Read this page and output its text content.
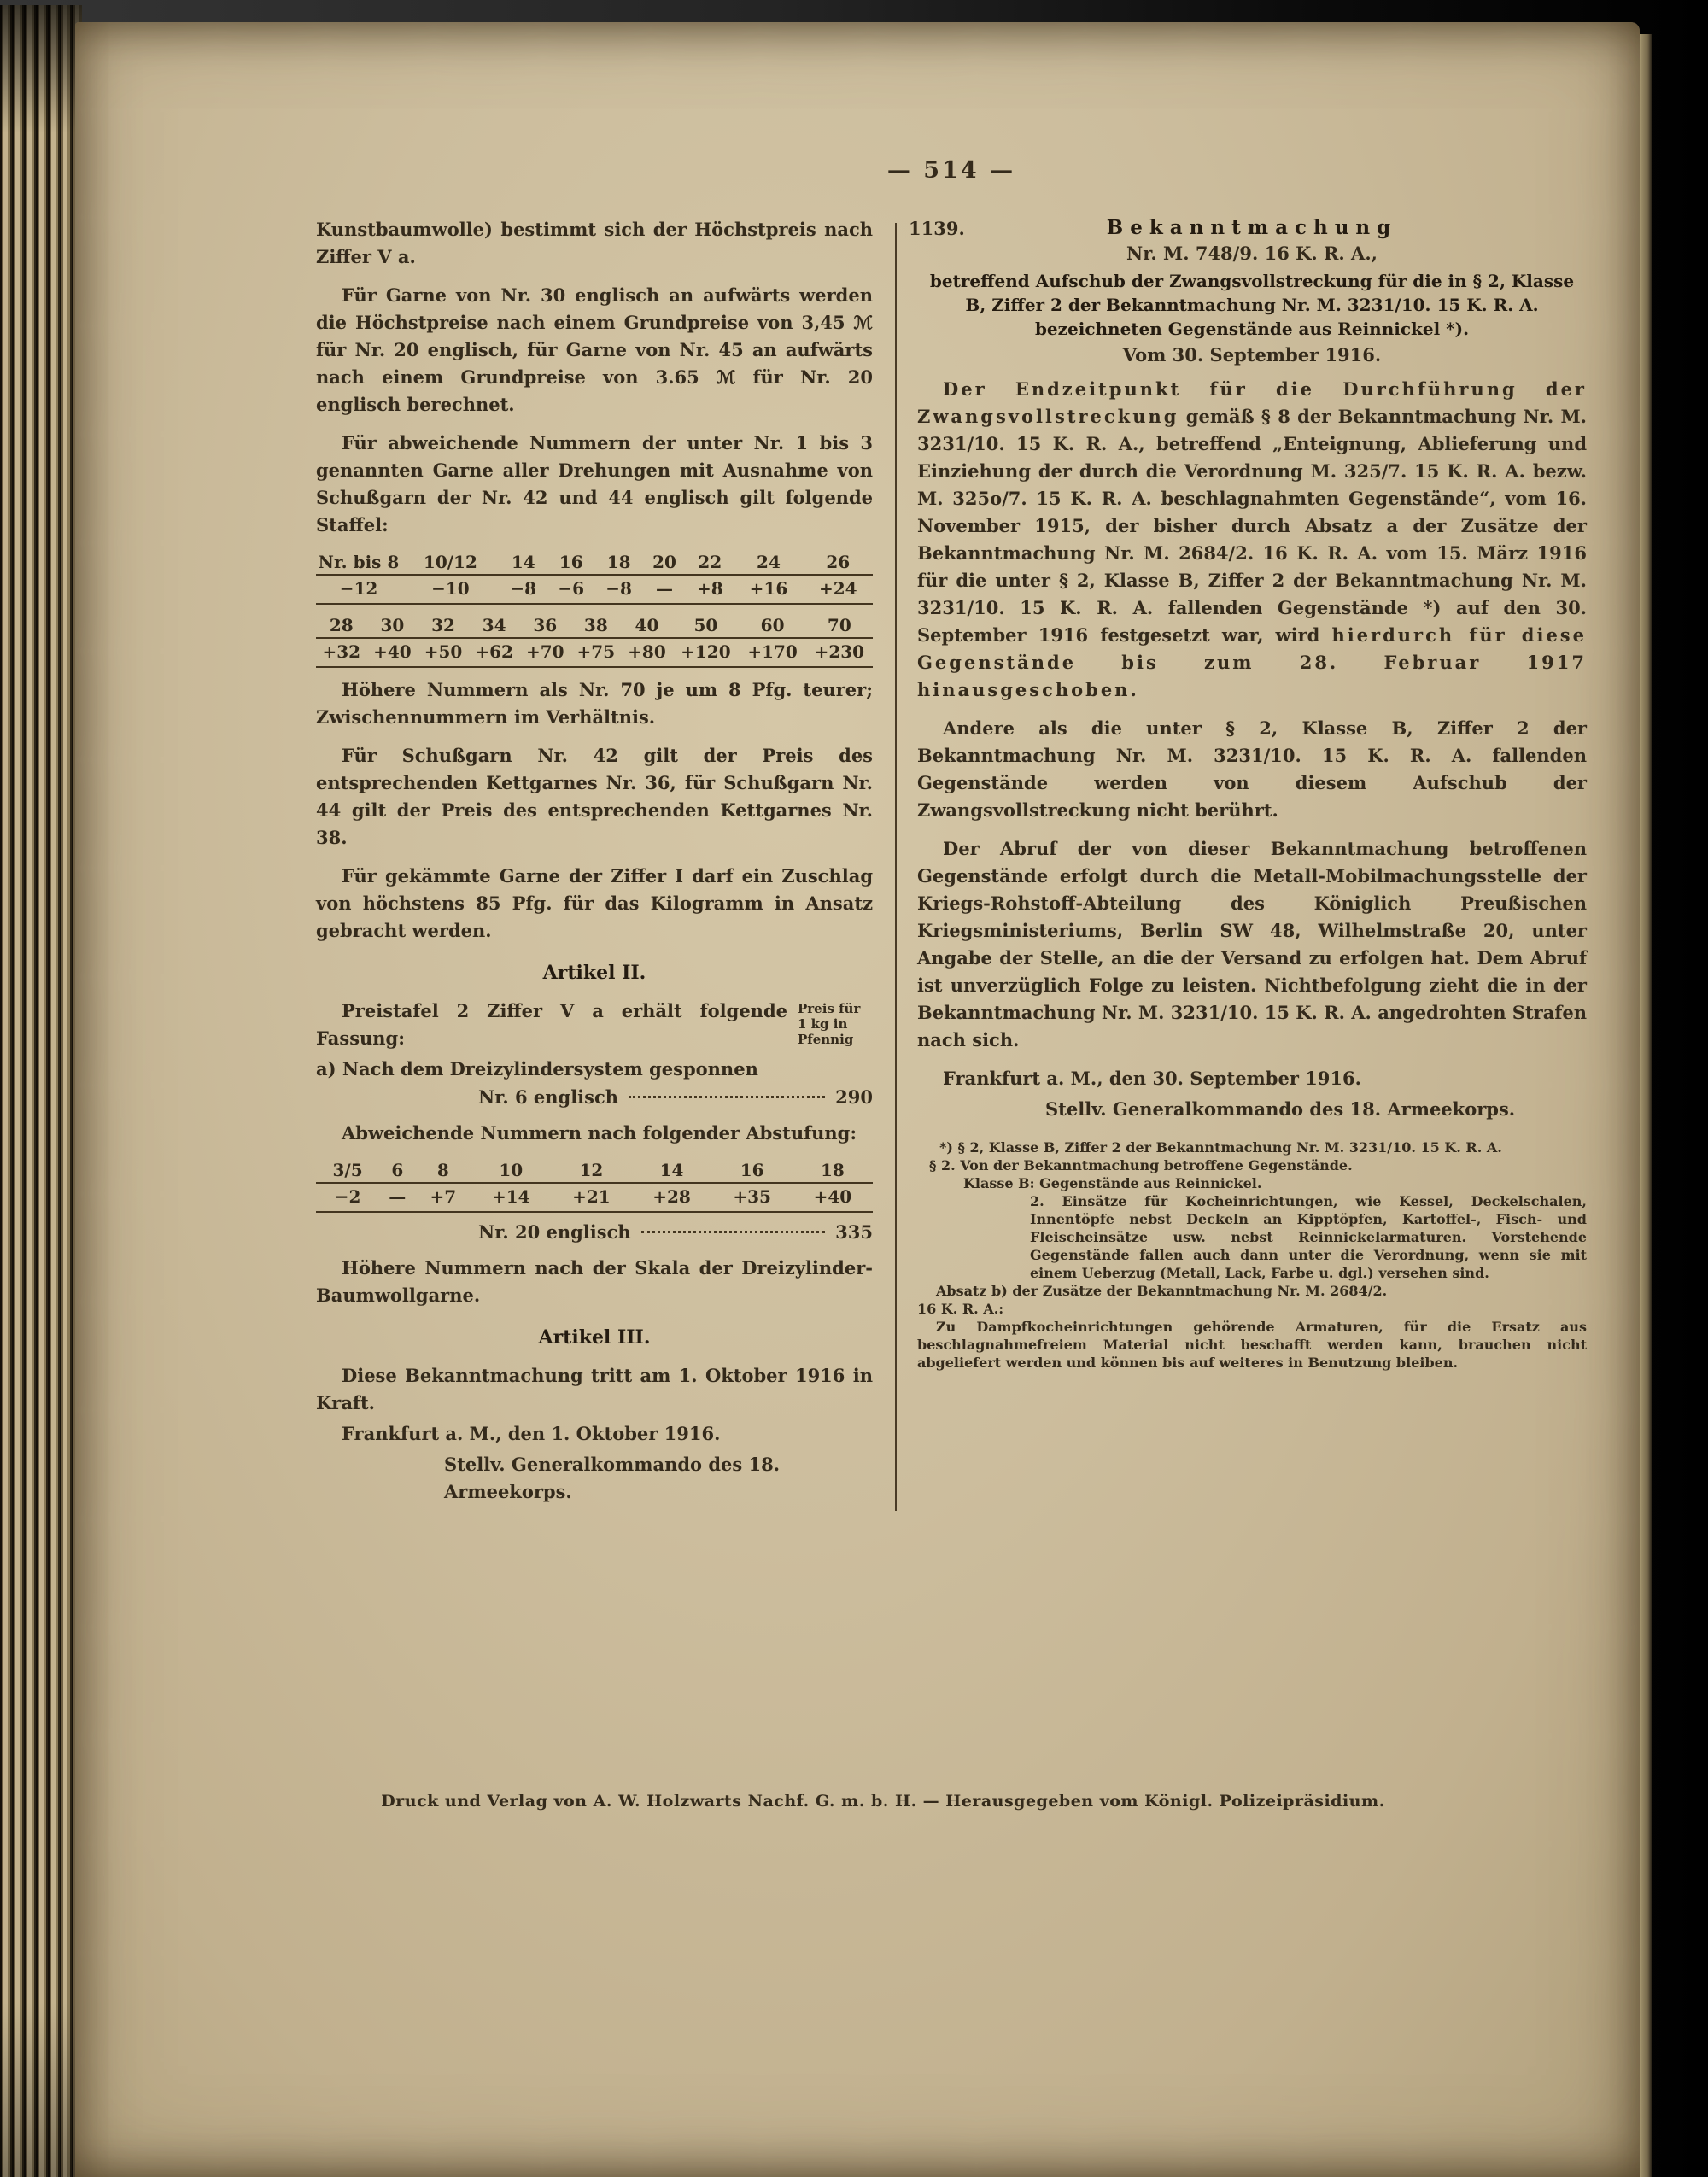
— 514 —

Kunstbaumwolle) bestimmt sich der Höchstpreis nach Ziffer V a.

Für Garne von Nr. 30 englisch an aufwärts werden die Höchstpreise nach einem Grundpreise von 3,45 ℳ für Nr. 20 englisch, für Garne von Nr. 45 an aufwärts nach einem Grundpreise von 3.65 ℳ für Nr. 20 englisch berechnet.

Für abweichende Nummern der unter Nr. 1 bis 3 genannten Garne aller Drehungen mit Ausnahme von Schußgarn der Nr. 42 und 44 englisch gilt folgende Staffel:

Nr. bis 8	10/12	14	16	18	20	22	24	26
−12	−10	−8	−6	−8	—	+8	+16	+24
28	30	32	34	36	38	40	50	60	70
+32	+40	+50	+62	+70	+75	+80	+120	+170	+230

Höhere Nummern als Nr. 70 je um 8 Pfg. teurer; Zwischennummern im Verhältnis.

Für Schußgarn Nr. 42 gilt der Preis des entsprechenden Kettgarnes Nr. 36, für Schußgarn Nr. 44 gilt der Preis des entsprechenden Kettgarnes Nr. 38.

Für gekämmte Garne der Ziffer I darf ein Zuschlag von höchstens 85 Pfg. für das Kilogramm in Ansatz gebracht werden.

Artikel II.

Preistafel 2 Ziffer V a erhält folgende Fassung:

a) Nach dem Dreizylindersystem gesponnen

Preis für
1 kg in
Pfennig
Nr. 6 englisch	290

Abweichende Nummern nach folgender Abstufung:

3/5	6	8	10	12	14	16	18
−2	—	+7	+14	+21	+28	+35	+40
Nr. 20 englisch	335

Höhere Nummern nach der Skala der Dreizylinder-Baumwollgarne.

Artikel III.

Diese Bekanntmachung tritt am 1. Oktober 1916 in Kraft.

Frankfurt a. M., den 1. Oktober 1916.

Stellv. Generalkommando des 18. Armeekorps.

1139.	Bekanntmachung
Nr. M. 748/9. 16 K. R. A.,
betreffend Aufschub der Zwangsvollstreckung für die in § 2, Klasse B, Ziffer 2 der Bekanntmachung Nr. M. 3231/10. 15 K. R. A. bezeichneten Gegenstände aus Reinnickel *).
Vom 30. September 1916.

Der Endzeitpunkt für die Durchführung der Zwangsvollstreckung gemäß § 8 der Bekanntmachung Nr. M. 3231/10. 15 K. R. A., betreffend „Enteignung, Ablieferung und Einziehung der durch die Verordnung M. 325/7. 15 K. R. A. bezw. M. 325o/7. 15 K. R. A. beschlagnahmten Gegenstände“, vom 16. November 1915, der bisher durch Absatz a der Zusätze der Bekanntmachung Nr. M. 2684/2. 16 K. R. A. vom 15. März 1916 für die unter § 2, Klasse B, Ziffer 2 der Bekanntmachung Nr. M. 3231/10. 15 K. R. A. fallenden Gegenstände *) auf den 30. September 1916 festgesetzt war, wird hierdurch für diese Gegenstände bis zum 28. Februar 1917 hinausgeschoben.

Andere als die unter § 2, Klasse B, Ziffer 2 der Bekanntmachung Nr. M. 3231/10. 15 K. R. A. fallenden Gegenstände werden von diesem Aufschub der Zwangsvollstreckung nicht berührt.

Der Abruf der von dieser Bekanntmachung betroffenen Gegenstände erfolgt durch die Metall-Mobilmachungsstelle der Kriegs-Rohstoff-Abteilung des Königlich Preußischen Kriegsministeriums, Berlin SW 48, Wilhelmstraße 20, unter Angabe der Stelle, an die der Versand zu erfolgen hat. Dem Abruf ist unverzüglich Folge zu leisten. Nichtbefolgung zieht die in der Bekanntmachung Nr. M. 3231/10. 15 K. R. A. angedrohten Strafen nach sich.

Frankfurt a. M., den 30. September 1916.

Stellv. Generalkommando des 18. Armeekorps.

*) § 2, Klasse B, Ziffer 2 der Bekanntmachung Nr. M. 3231/10. 15 K. R. A.

§ 2. Von der Bekanntmachung betroffene Gegenstände.

Klasse B: Gegenstände aus Reinnickel.

2. Einsätze für Kocheinrichtungen, wie Kessel, Deckelschalen, Innentöpfe nebst Deckeln an Kipptöpfen, Kartoffel-, Fisch- und Fleischeinsätze usw. nebst Reinnickelarmaturen. Vorstehende Gegenstände fallen auch dann unter die Verordnung, wenn sie mit einem Ueberzug (Metall, Lack, Farbe u. dgl.) versehen sind.

Absatz b) der Zusätze der Bekanntmachung Nr. M. 2684/2.
16 K. R. A.:

Zu Dampfkocheinrichtungen gehörende Armaturen, für die Ersatz aus beschlagnahmefreiem Material nicht beschafft werden kann, brauchen nicht abgeliefert werden und können bis auf weiteres in Benutzung bleiben.

Druck und Verlag von A. W. Holzwarts Nachf. G. m. b. H. — Herausgegeben vom Königl. Polizeipräsidium.
